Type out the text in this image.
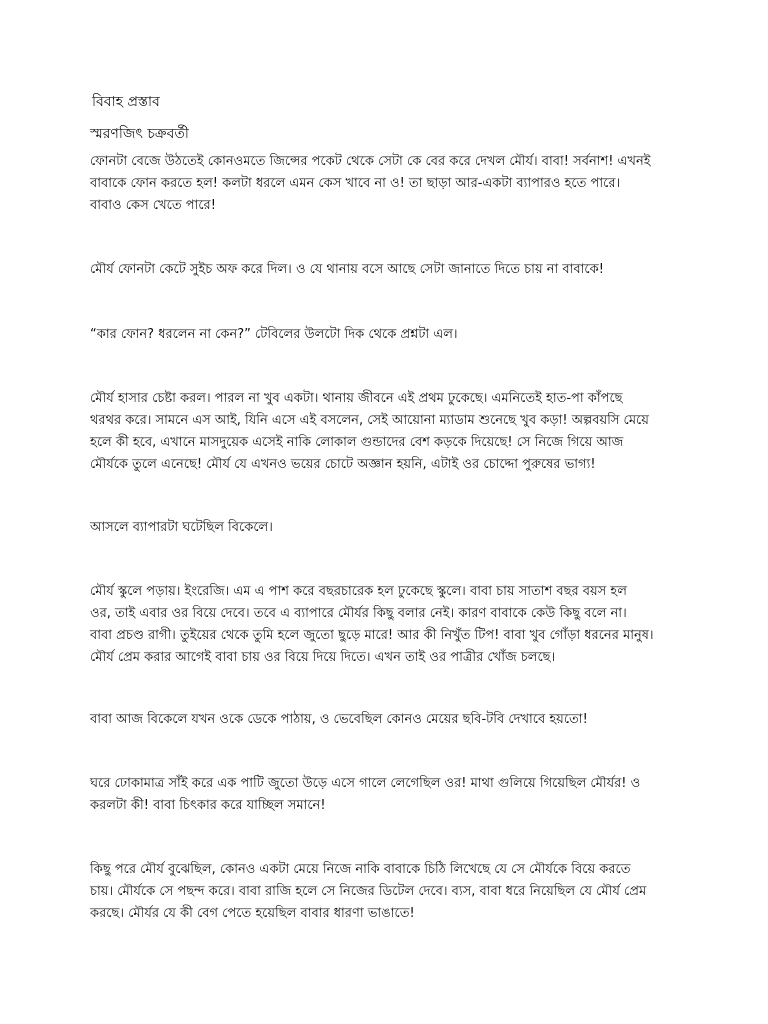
বিবাহ প্রস্তাব
স্মরণজিৎ চক্রবর্তী

ফোনটা বেজে উঠতেই কোনওমতে জিন্সের পকেট থেকে সেটা কে বের করে দেখল মৌর্য। বাবা! সর্বনাশ! এখনই
বাবাকে ফোন করতে হল! কলটা ধরলে এমন কেস খাবে না ও! তা ছাড়া আর-একটা ব্যাপারও হতে পারে।
বাবাও কেস খেতে পারে!

মৌর্য ফোনটা কেটে সুইচ অফ করে দিল। ও যে থানায় বসে আছে সেটা জানাতে দিতে চায় না বাবাকে!

“কার ফোন? ধরলেন না কেন?” টেবিলের উলটো দিক থেকে প্রশ্নটা এল।

মৌর্য হাসার চেষ্টা করল। পারল না খুব একটা। থানায় জীবনে এই প্রথম ঢুকেছে। এমনিতেই হাত-পা কাঁপছে
থরথর করে। সামনে এস আই, যিনি এসে এই বসলেন, সেই আয়োনা ম্যাডাম শুনেছে খুব কড়া! অল্পবয়সি মেয়ে
হলে কী হবে, এখানে মাসদুয়েক এসেই নাকি লোকাল গুন্ডাদের বেশ কড়কে দিয়েছে! সে নিজে গিয়ে আজ
মৌর্যকে তুলে এনেছে! মৌর্য যে এখনও ভয়ের চোটে অজ্ঞান হয়নি, এটাই ওর চোদ্দো পুরুষের ভাগ্য!

আসলে ব্যাপারটা ঘটেছিল বিকেলে।

মৌর্য স্কুলে পড়ায়। ইংরেজি। এম এ পাশ করে বছরচারেক হল ঢুকেছে স্কুলে। বাবা চায় সাতাশ বছর বয়স হল
ওর, তাই এবার ওর বিয়ে দেবে। তবে এ ব্যাপারে মৌর্যর কিছু বলার নেই। কারণ বাবাকে কেউ কিছু বলে না।
বাবা প্রচণ্ড রাগী। তুইয়ের থেকে তুমি হলে জুতো ছুড়ে মারে! আর কী নিখুঁত টিপ! বাবা খুব গোঁড়া ধরনের মানুষ।
মৌর্য প্রেম করার আগেই বাবা চায় ওর বিয়ে দিয়ে দিতে। এখন তাই ওর পাত্রীর খোঁজ চলছে।

বাবা আজ বিকেলে যখন ওকে ডেকে পাঠায়, ও ভেবেছিল কোনও মেয়ের ছবি-টবি দেখাবে হয়তো!

ঘরে ঢোকামাত্র সাঁই করে এক পাটি জুতো উড়ে এসে গালে লেগেছিল ওর! মাথা গুলিয়ে গিয়েছিল মৌর্যর! ও
করলটা কী! বাবা চিৎকার করে যাচ্ছিল সমানে!

কিছু পরে মৌর্য বুঝেছিল, কোনও একটা মেয়ে নিজে নাকি বাবাকে চিঠি লিখেছে যে সে মৌর্যকে বিয়ে করতে
চায়। মৌর্যকে সে পছন্দ করে। বাবা রাজি হলে সে নিজের ডিটেল দেবে। ব্যস, বাবা ধরে নিয়েছিল যে মৌর্য প্রেম
করছে। মৌর্যর যে কী বেগ পেতে হয়েছিল বাবার ধারণা ভাঙাতে!
